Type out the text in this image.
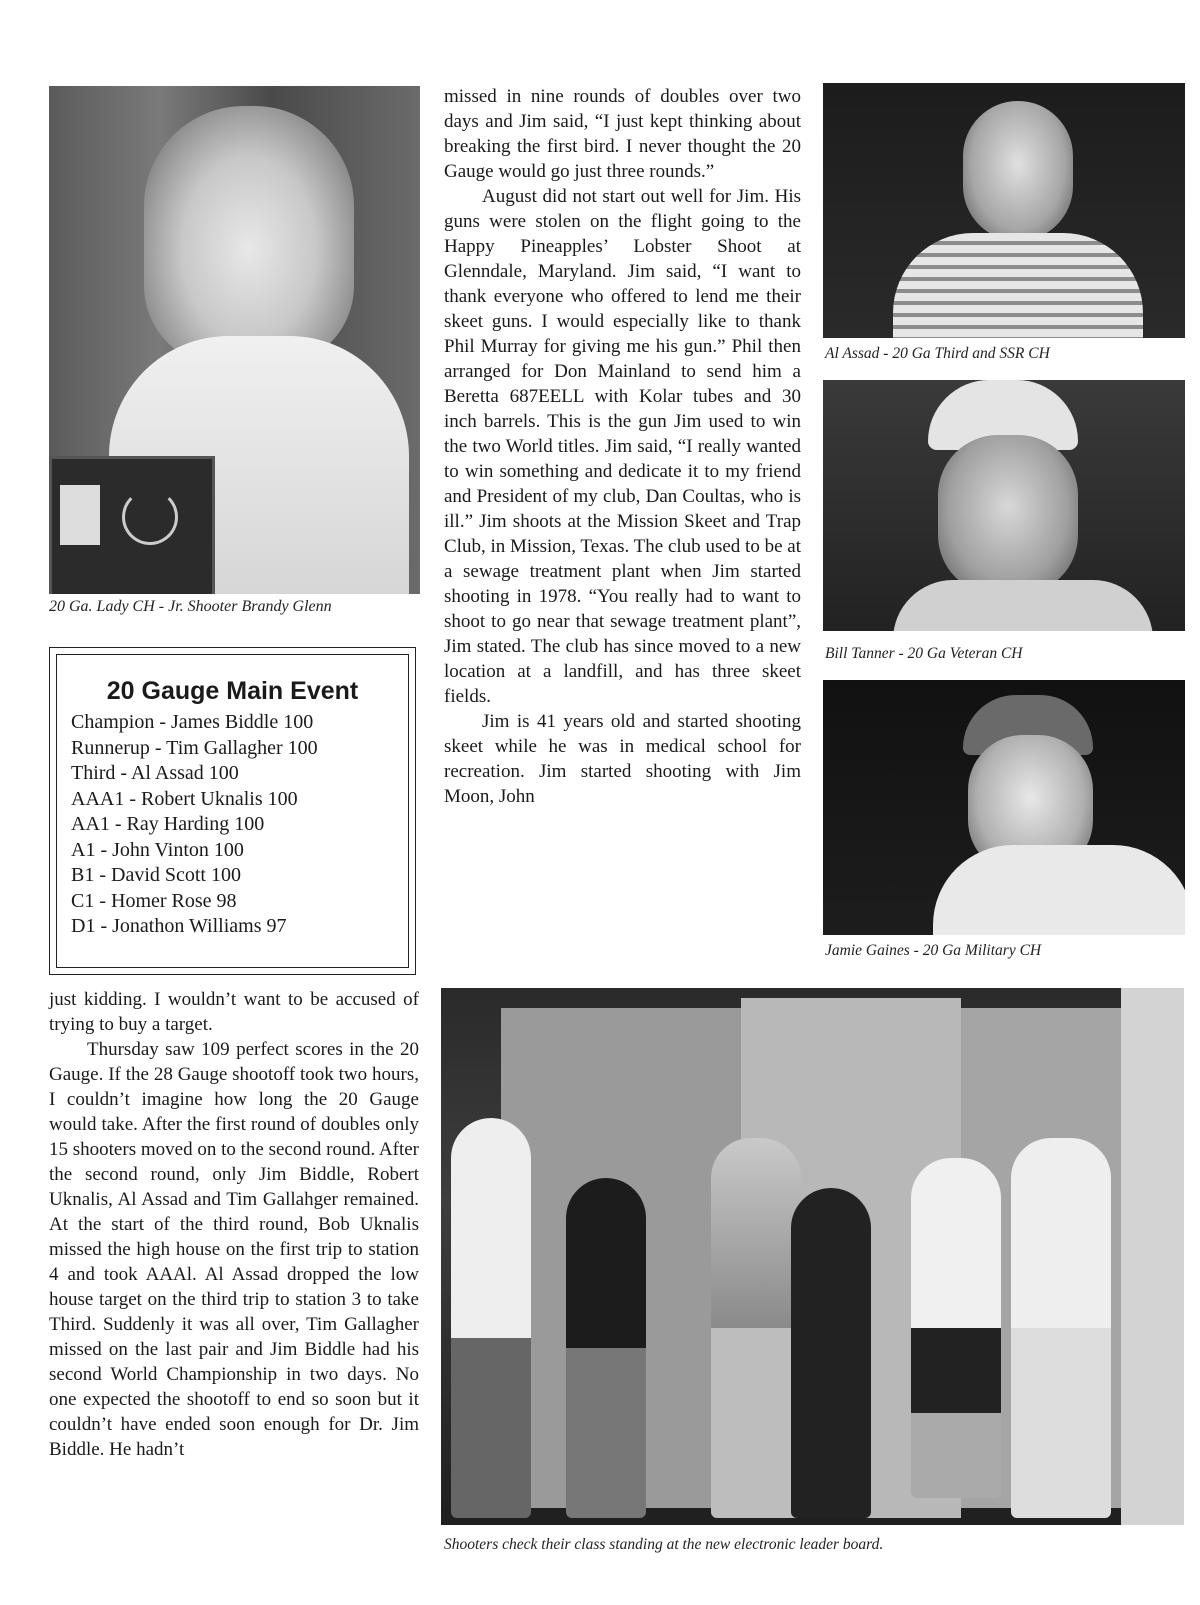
20 Ga. Lady CH - Jr. Shooter Brandy Glenn
20 Gauge Main Event
Champion - James Biddle 100
Runnerup - Tim Gallagher 100
Third - Al Assad 100
AAA1 - Robert Uknalis 100
AA1 - Ray Harding 100
A1 - John Vinton 100
B1 - David Scott 100
C1 - Homer Rose 98
D1 - Jonathon Williams 97

missed in nine rounds of doubles over two days and Jim said, “I just kept thinking about breaking the first bird. I never thought the 20 Gauge would go just three rounds.”

August did not start out well for Jim. His guns were stolen on the flight going to the Happy Pineapples’ Lobster Shoot at Glenndale, Maryland. Jim said, “I want to thank everyone who offered to lend me their skeet guns. I would especially like to thank Phil Murray for giving me his gun.” Phil then arranged for Don Mainland to send him a Beretta 687EELL with Kolar tubes and 30 inch barrels. This is the gun Jim used to win the two World titles. Jim said, “I really wanted to win something and dedicate it to my friend and President of my club, Dan Coultas, who is ill.” Jim shoots at the Mission Skeet and Trap Club, in Mission, Texas. The club used to be at a sewage treatment plant when Jim started shooting in 1978. “You really had to want to shoot to go near that sewage treatment plant”, Jim stated. The club has since moved to a new location at a landfill, and has three skeet fields.

Jim is 41 years old and started shooting skeet while he was in medical school for recreation. Jim started shooting with Jim Moon, John

Al Assad - 20 Ga Third and SSR CH
Bill Tanner - 20 Ga Veteran CH
Jamie Gaines - 20 Ga Military CH

just kidding. I wouldn’t want to be accused of trying to buy a target.

Thursday saw 109 perfect scores in the 20 Gauge. If the 28 Gauge shootoff took two hours, I couldn’t imagine how long the 20 Gauge would take. After the first round of doubles only 15 shooters moved on to the second round. After the second round, only Jim Biddle, Robert Uknalis, Al Assad and Tim Gallahger remained. At the start of the third round, Bob Uknalis missed the high house on the first trip to station 4 and took AAAl. Al Assad dropped the low house target on the third trip to station 3 to take Third. Suddenly it was all over, Tim Gallagher missed on the last pair and Jim Biddle had his second World Championship in two days. No one expected the shootoff to end so soon but it couldn’t have ended soon enough for Dr. Jim Biddle. He hadn’t

Shooters check their class standing at the new electronic leader board.
